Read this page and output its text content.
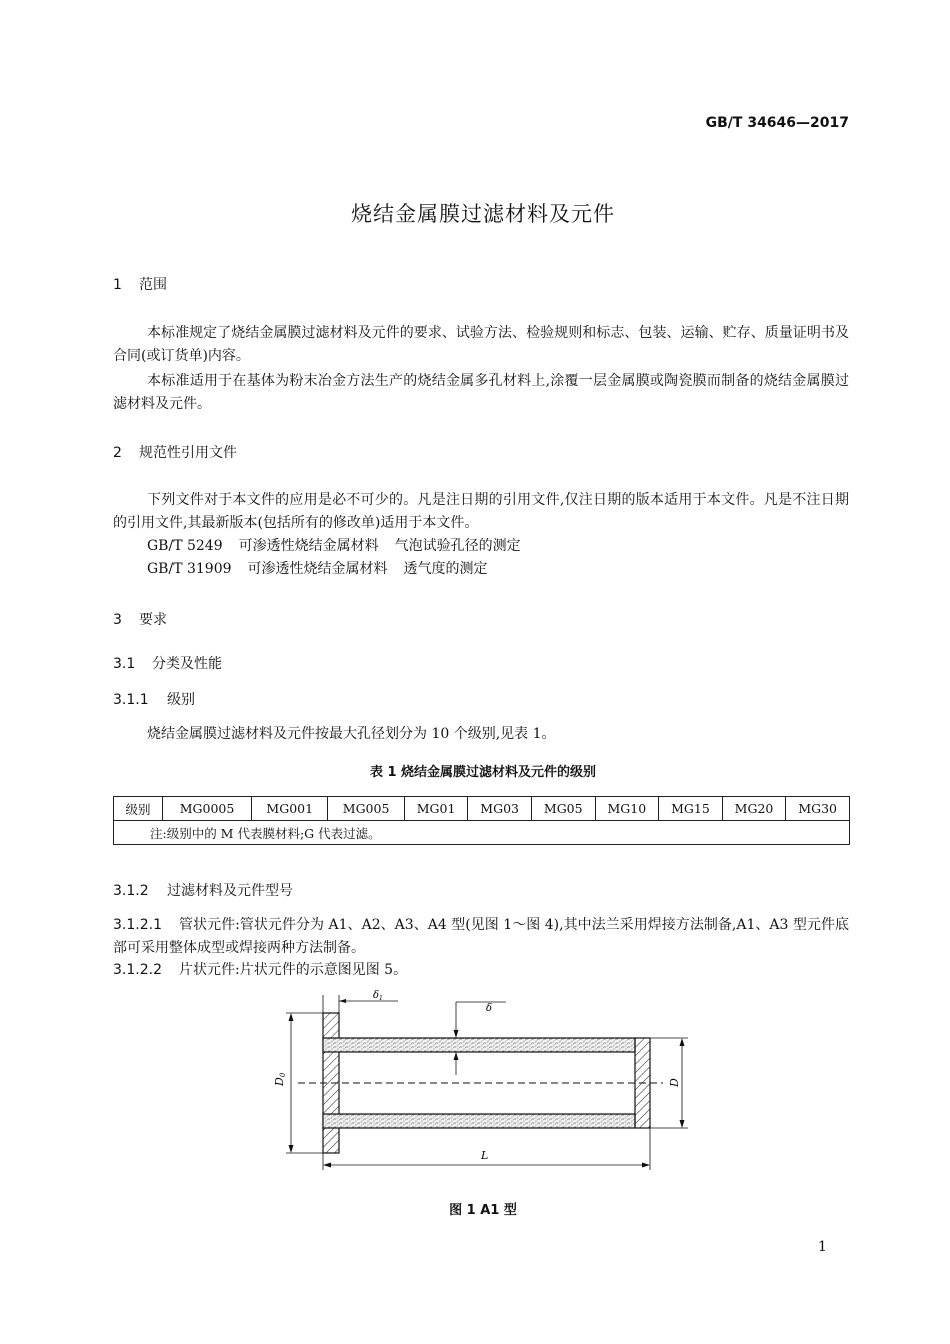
GB/T 34646—2017
烧结金属膜过滤材料及元件
1 范围
本标准规定了烧结金属膜过滤材料及元件的要求、试验方法、检验规则和标志、包装、运输、贮存、质量证明书及合同(或订货单)内容。
本标准适用于在基体为粉末冶金方法生产的烧结金属多孔材料上,涂覆一层金属膜或陶瓷膜而制备的烧结金属膜过滤材料及元件。
2 规范性引用文件
下列文件对于本文件的应用是必不可少的。凡是注日期的引用文件,仅注日期的版本适用于本文件。凡是不注日期的引用文件,其最新版本(包括所有的修改单)适用于本文件。
GB/T 5249 可渗透性烧结金属材料 气泡试验孔径的测定
GB/T 31909 可渗透性烧结金属材料 透气度的测定
3 要求
3.1 分类及性能
3.1.1 级别
烧结金属膜过滤材料及元件按最大孔径划分为 10 个级别,见表 1。
表 1 烧结金属膜过滤材料及元件的级别
级别	MG0005	MG001	MG005	MG01	MG03	MG05	MG10	MG15	MG20	MG30
注:级别中的 M 代表膜材料;G 代表过滤。
3.1.2 过滤材料及元件型号
3.1.2.1 管状元件:管状元件分为 A1、A2、A3、A4 型(见图 1～图 4),其中法兰采用焊接方法制备,A1、A3 型元件底部可采用整体成型或焊接两种方法制备。
3.1.2.2 片状元件:片状元件的示意图见图 5。
D0
D
L
$\delta_1$
δ
图 1 A1 型
1
